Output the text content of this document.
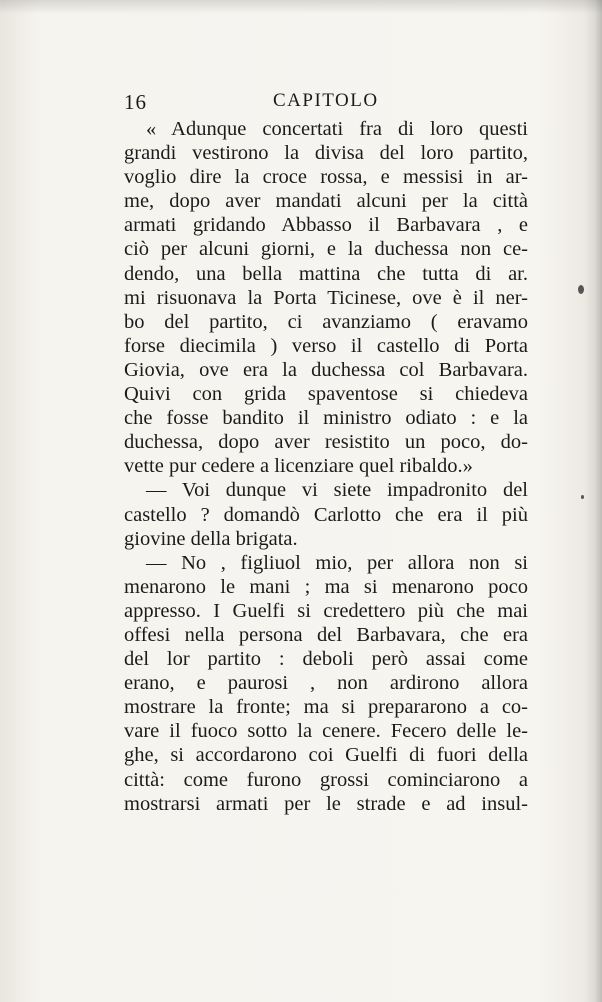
16	CAPITOLO
« Adunque concertati fra di loro questi
grandi vestirono la divisa del loro partito,
voglio dire la croce rossa, e messisi in ar-
me, dopo aver mandati alcuni per la città
armati gridando Abbasso il Barbavara , e
ciò per alcuni giorni, e la duchessa non ce-
dendo, una bella mattina che tutta di ar.
mi risuonava la Porta Ticinese, ove è il ner-
bo del partito, ci avanziamo ( eravamo
forse diecimila ) verso il castello di Porta
Giovia, ove era la duchessa col Barbavara.
Quivi con grida spaventose si chiedeva
che fosse bandito il ministro odiato : e la
duchessa, dopo aver resistito un poco, do-
vette pur cedere a licenziare quel ribaldo.»
— Voi dunque vi siete impadronito del
castello ? domandò Carlotto che era il più
giovine della brigata.
— No , figliuol mio, per allora non si
menarono le mani ; ma si menarono poco
appresso. I Guelfi si credettero più che mai
offesi nella persona del Barbavara, che era
del lor partito : deboli però assai come
erano, e paurosi , non ardirono allora
mostrare la fronte; ma si prepararono a co-
vare il fuoco sotto la cenere. Fecero delle le-
ghe, si accordarono coi Guelfi di fuori della
città: come furono grossi cominciarono a
mostrarsi armati per le strade e ad insul-
